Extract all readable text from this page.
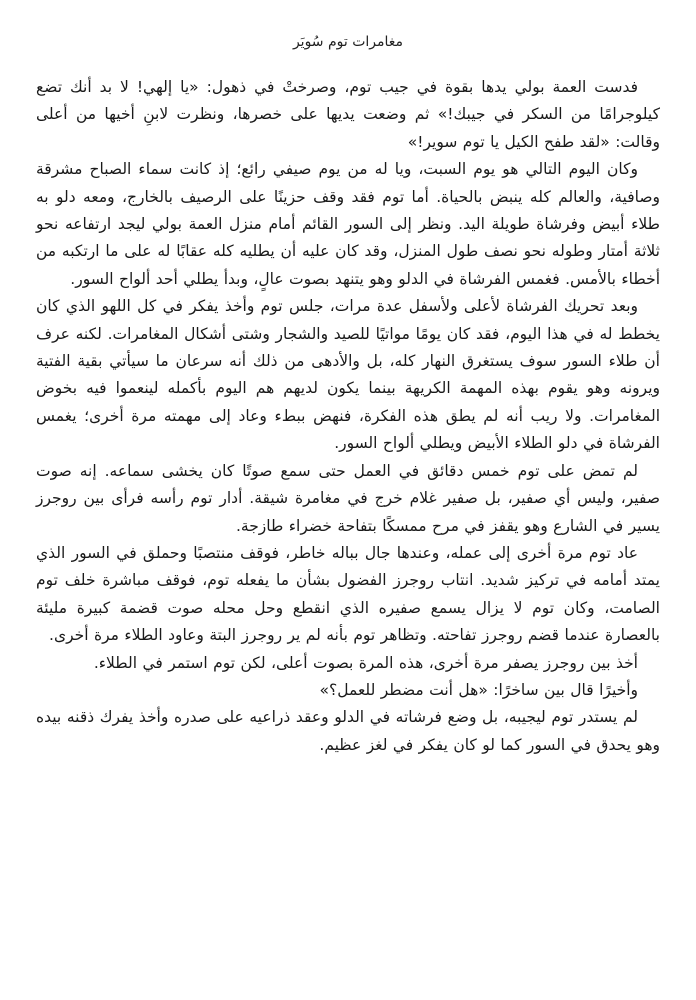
مغامرات توم سُويَر

فدست العمة بولي يدها بقوة في جيب توم، وصرختْ في ذهول: «يا إلهي! لا بد أنك تضع كيلوجرامًا من السكر في جيبك!» ثم وضعت يديها على خصرها، ونظرت لابنِ أخيها من أعلى وقالت: «لقد طفح الكيل يا توم سوير!»

وكان اليوم التالي هو يوم السبت، ويا له من يوم صيفي رائع؛ إذ كانت سماء الصباح مشرقة وصافية، والعالم كله ينبض بالحياة. أما توم فقد وقف حزينًا على الرصيف بالخارج، ومعه دلو به طلاء أبيض وفرشاة طويلة اليد. ونظر إلى السور القائم أمام منزل العمة بولي ليجد ارتفاعه نحو ثلاثة أمتار وطوله نحو نصف طول المنزل، وقد كان عليه أن يطليه كله عقابًا له على ما ارتكبه من أخطاء بالأمس. فغمس الفرشاة في الدلو وهو يتنهد بصوت عالٍ، وبدأ يطلي أحد ألواح السور.

وبعد تحريك الفرشاة لأعلى ولأسفل عدة مرات، جلس توم وأخذ يفكر في كل اللهو الذي كان يخطط له في هذا اليوم، فقد كان يومًا مواتيًا للصيد والشجار وشتى أشكال المغامرات. لكنه عرف أن طلاء السور سوف يستغرق النهار كله، بل والأدهى من ذلك أنه سرعان ما سيأتي بقية الفتية ويرونه وهو يقوم بهذه المهمة الكريهة بينما يكون لديهم هم اليوم بأكمله لينعموا فيه بخوض المغامرات. ولا ريب أنه لم يطق هذه الفكرة، فنهض ببطء وعاد إلى مهمته مرة أخرى؛ يغمس الفرشاة في دلو الطلاء الأبيض ويطلي ألواح السور.

لم تمض على توم خمس دقائق في العمل حتى سمع صوتًا كان يخشى سماعه. إنه صوت صفير، وليس أي صفير، بل صفير غلام خرج في مغامرة شيقة. أدار توم رأسه فرأى بين روجرز يسير في الشارع وهو يقفز في مرح ممسكًا بتفاحة خضراء طازجة.

عاد توم مرة أخرى إلى عمله، وعندها جال بباله خاطر، فوقف منتصبًا وحملق في السور الذي يمتد أمامه في تركيز شديد. انتاب روجرز الفضول بشأن ما يفعله توم، فوقف مباشرة خلف توم الصامت، وكان توم لا يزال يسمع صفيره الذي انقطع وحل محله صوت قضمة كبيرة مليئة بالعصارة عندما قضم روجرز تفاحته. وتظاهر توم بأنه لم ير روجرز البتة وعاود الطلاء مرة أخرى.

أخذ بين روجرز يصفر مرة أخرى، هذه المرة بصوت أعلى، لكن توم استمر في الطلاء.

وأخيرًا قال بين ساخرًا: «هل أنت مضطر للعمل؟»

لم يستدر توم ليجيبه، بل وضع فرشاته في الدلو وعقد ذراعيه على صدره وأخذ يفرك ذقنه بيده وهو يحدق في السور كما لو كان يفكر في لغز عظيم.
